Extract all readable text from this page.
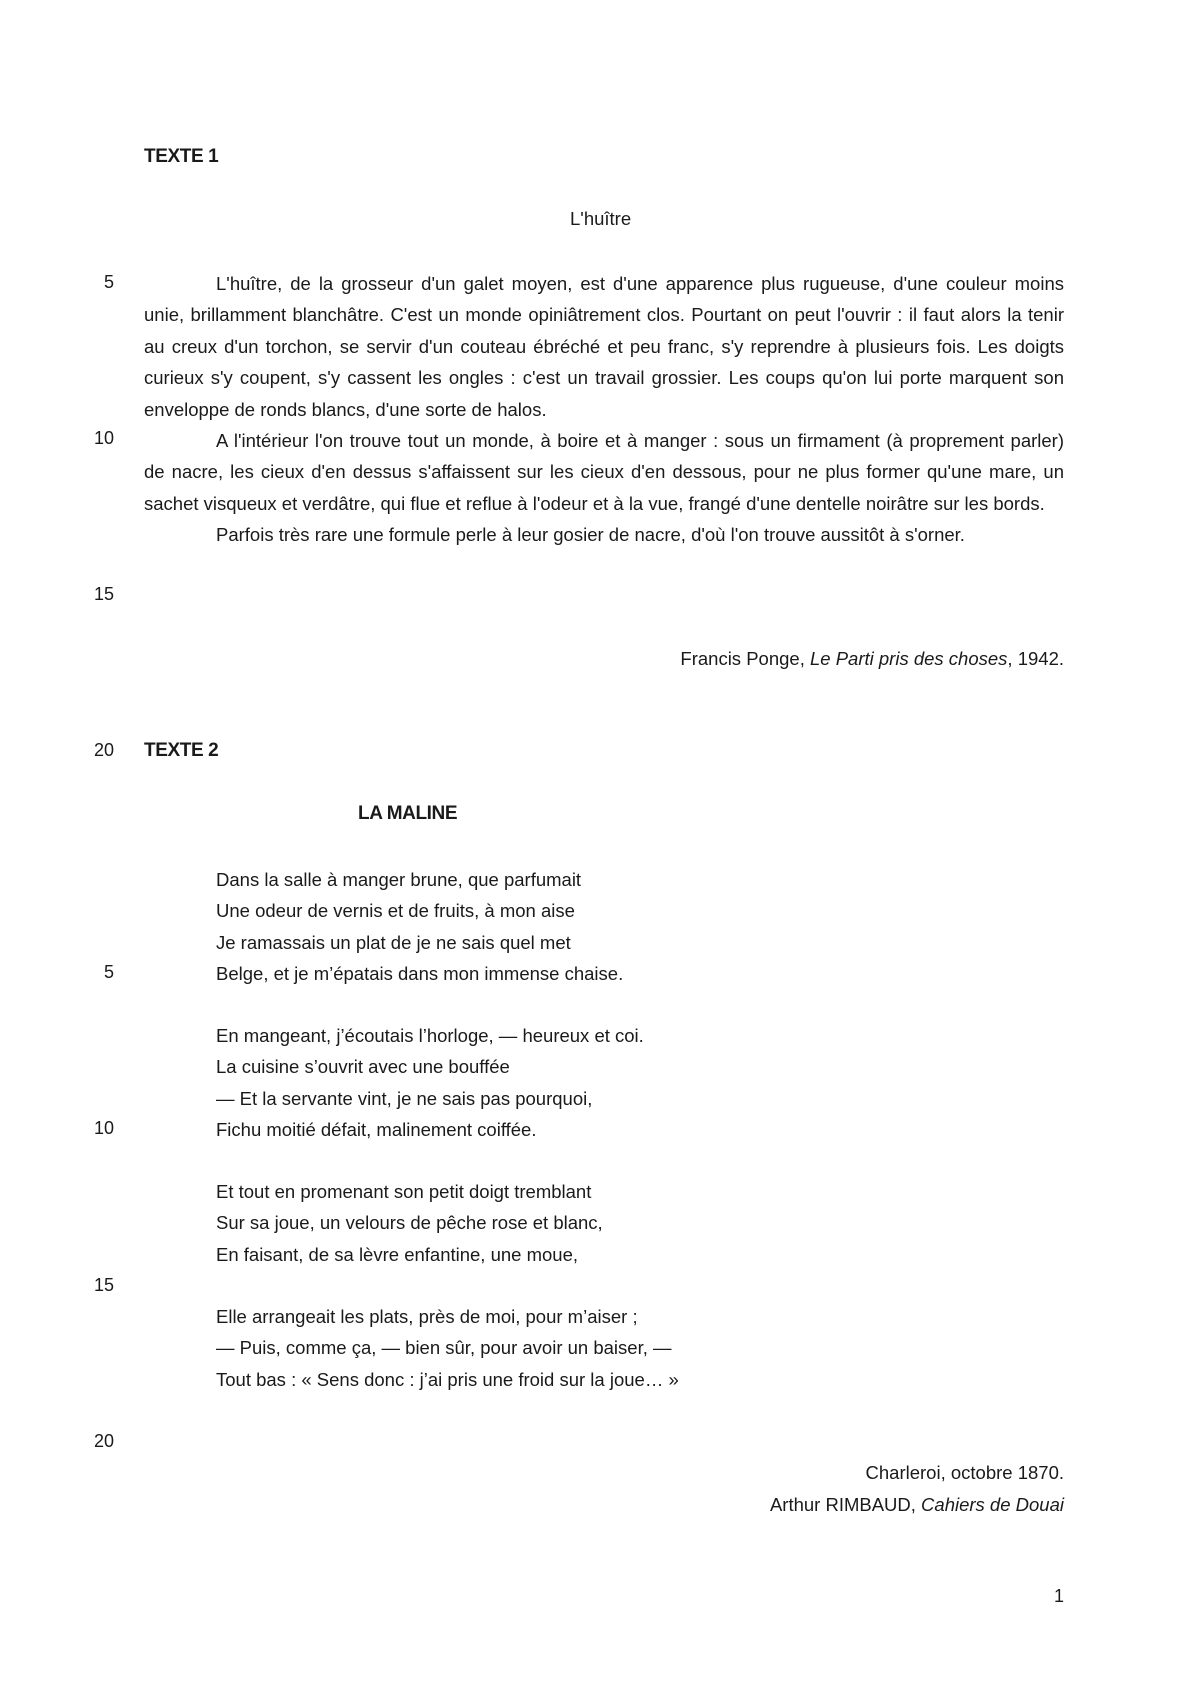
TEXTE 1
L'huître
5
10
15
20

L'huître, de la grosseur d'un galet moyen, est d'une apparence plus rugueuse, d'une couleur moins unie, brillamment blanchâtre. C'est un monde opiniâtrement clos. Pourtant on peut l'ouvrir : il faut alors la tenir au creux d'un torchon, se servir d'un couteau ébréché et peu franc, s'y reprendre à plusieurs fois. Les doigts curieux s'y coupent, s'y cassent les ongles : c'est un travail grossier. Les coups qu'on lui porte marquent son enveloppe de ronds blancs, d'une sorte de halos.

A l'intérieur l'on trouve tout un monde, à boire et à manger : sous un firmament (à proprement parler) de nacre, les cieux d'en dessus s'affaissent sur les cieux d'en dessous, pour ne plus former qu'une mare, un sachet visqueux et verdâtre, qui flue et reflue à l'odeur et à la vue, frangé d'une dentelle noirâtre sur les bords.

Parfois très rare une formule perle à leur gosier de nacre, d'où l'on trouve aussitôt à s'orner.

Francis Ponge, Le Parti pris des choses, 1942.
TEXTE 2
LA MALINE
5
10
15
20
Dans la salle à manger brune, que parfumait
Une odeur de vernis et de fruits, à mon aise
Je ramassais un plat de je ne sais quel met
Belge, et je m’épatais dans mon immense chaise.
En mangeant, j’écoutais l’horloge, — heureux et coi.
La cuisine s’ouvrit avec une bouffée
— Et la servante vint, je ne sais pas pourquoi,
Fichu moitié défait, malinement coiffée.
Et tout en promenant son petit doigt tremblant
Sur sa joue, un velours de pêche rose et blanc,
En faisant, de sa lèvre enfantine, une moue,
Elle arrangeait les plats, près de moi, pour m’aiser ;
— Puis, comme ça, — bien sûr, pour avoir un baiser, —
Tout bas : « Sens donc : j’ai pris une froid sur la joue… »
Charleroi, octobre 1870.
Arthur RIMBAUD, Cahiers de Douai
1
